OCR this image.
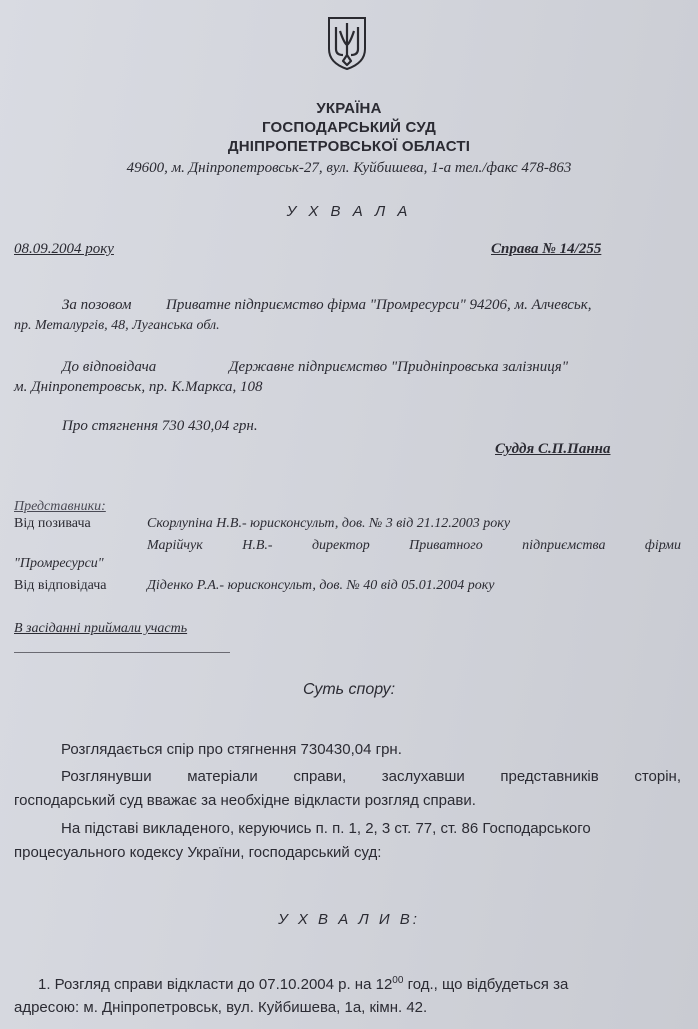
УКРАЇНА
ГОСПОДАРСЬКИЙ СУД
ДНІПРОПЕТРОВСЬКОЇ ОБЛАСТІ
49600, м. Дніпропетровськ-27, вул. Куйбишева, 1-а тел./факс 478-863
У Х В А Л А
08.09.2004 року	Справа № 14/255
За позовом Приватне підприємство фірма "Промресурси" 94206, м. Алчевськ,
пр. Металургів, 48, Луганська обл.
До відповідача	Державне підприємство "Придніпровська залізниця"
м. Дніпропетровськ, пр. К.Маркса, 108
Про стягнення 730 430,04 грн.
Суддя С.П.Панна
Представники:
Від позивача	Скорлупіна Н.В.- юрисконсульт, дов. № 3 від 21.12.2003 року
Марійчук Н.В.- директор Приватного підприємства фірми
"Промресурси"
Від відповідача	Діденко Р.А.- юрисконсульт, дов. № 40 від 05.01.2004 року
В засіданні приймали участь
Суть спору:
Розглядається спір про стягнення 730430,04 грн.
Розглянувши матеріали справи, заслухавши представників сторін,
господарський суд вважає за необхідне відкласти розгляд справи.
На підставі викладеного, керуючись п. п. 1, 2, 3 ст. 77, ст. 86 Господарського
процесуального кодексу України, господарський суд:
У Х В А Л И В:
1. Розгляд справи відкласти до 07.10.2004 р. на $12^{00}$ год., що відбудеться за
адресою: м. Дніпропетровськ, вул. Куйбишева, 1а, кімн. 42.
